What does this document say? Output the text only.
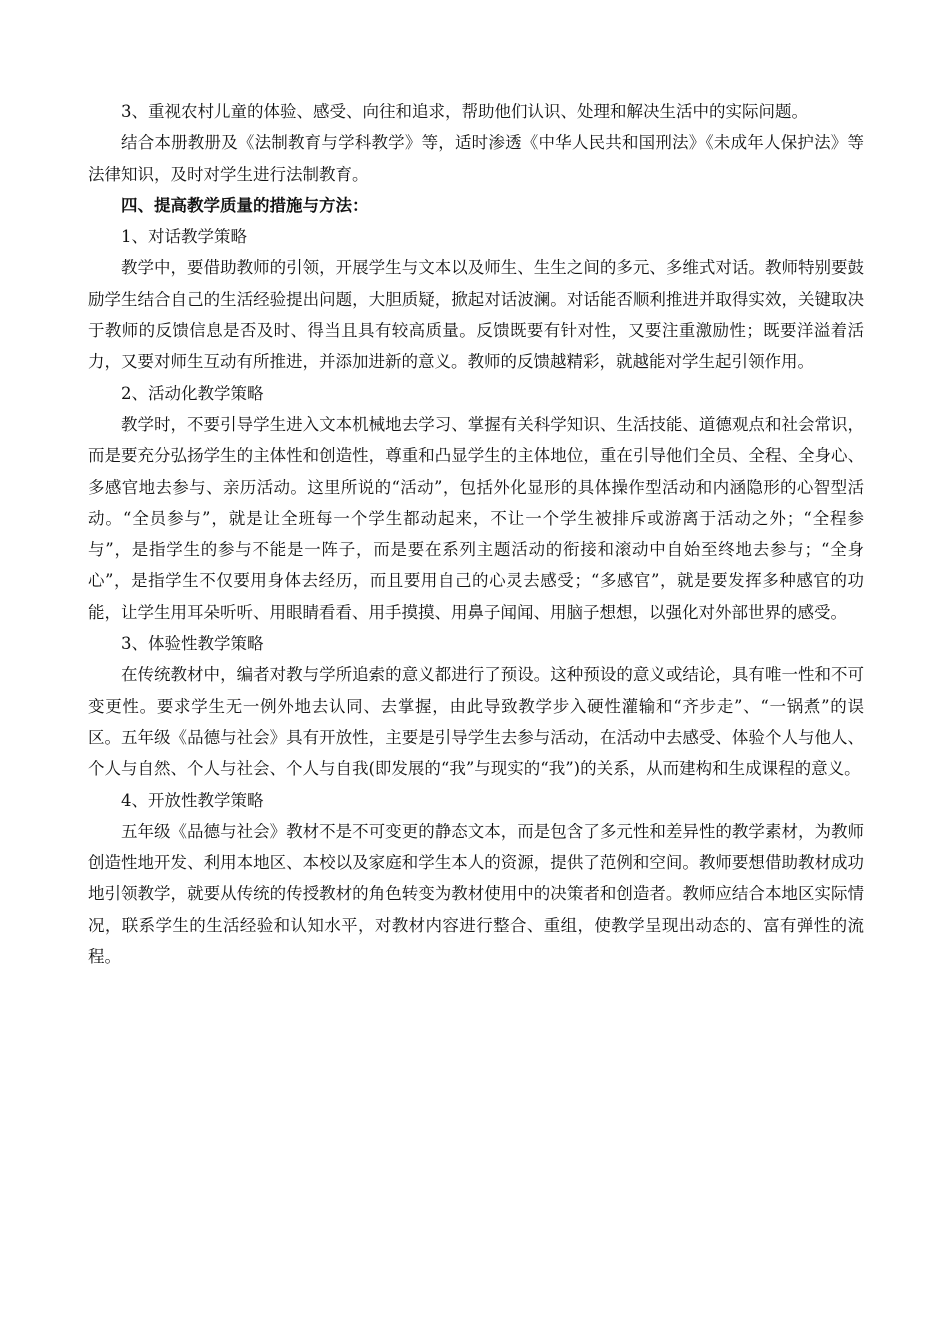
3、重视农村儿童的体验、感受、向往和追求，帮助他们认识、处理和解决生活中的实际问题。

结合本册教册及《法制教育与学科教学》等，适时渗透《中华人民共和国刑法》《未成年人保护法》等法律知识，及时对学生进行法制教育。

四、提高教学质量的措施与方法：

1、对话教学策略

教学中，要借助教师的引领，开展学生与文本以及师生、生生之间的多元、多维式对话。教师特别要鼓励学生结合自己的生活经验提出问题，大胆质疑，掀起对话波澜。对话能否顺利推进并取得实效，关键取决于教师的反馈信息是否及时、得当且具有较高质量。反馈既要有针对性，又要注重激励性；既要洋溢着活力，又要对师生互动有所推进，并添加进新的意义。教师的反馈越精彩，就越能对学生起引领作用。

2、活动化教学策略

教学时，不要引导学生进入文本机械地去学习、掌握有关科学知识、生活技能、道德观点和社会常识，而是要充分弘扬学生的主体性和创造性，尊重和凸显学生的主体地位，重在引导他们全员、全程、全身心、多感官地去参与、亲历活动。这里所说的“活动”，包括外化显形的具体操作型活动和内涵隐形的心智型活动。“全员参与”，就是让全班每一个学生都动起来，不让一个学生被排斥或游离于活动之外；“全程参与”，是指学生的参与不能是一阵子，而是要在系列主题活动的衔接和滚动中自始至终地去参与；“全身心”，是指学生不仅要用身体去经历，而且要用自己的心灵去感受；“多感官”，就是要发挥多种感官的功能，让学生用耳朵听听、用眼睛看看、用手摸摸、用鼻子闻闻、用脑子想想，以强化对外部世界的感受。

3、体验性教学策略

在传统教材中，编者对教与学所追索的意义都进行了预设。这种预设的意义或结论，具有唯一性和不可变更性。要求学生无一例外地去认同、去掌握，由此导致教学步入硬性灌输和“齐步走”、“一锅煮”的误区。五年级《品德与社会》具有开放性，主要是引导学生去参与活动，在活动中去感受、体验个人与他人、个人与自然、个人与社会、个人与自我(即发展的“我”与现实的“我”)的关系，从而建构和生成课程的意义。

4、开放性教学策略

五年级《品德与社会》教材不是不可变更的静态文本，而是包含了多元性和差异性的教学素材，为教师创造性地开发、利用本地区、本校以及家庭和学生本人的资源，提供了范例和空间。教师要想借助教材成功地引领教学，就要从传统的传授教材的角色转变为教材使用中的决策者和创造者。教师应结合本地区实际情况，联系学生的生活经验和认知水平，对教材内容进行整合、重组，使教学呈现出动态的、富有弹性的流程。
